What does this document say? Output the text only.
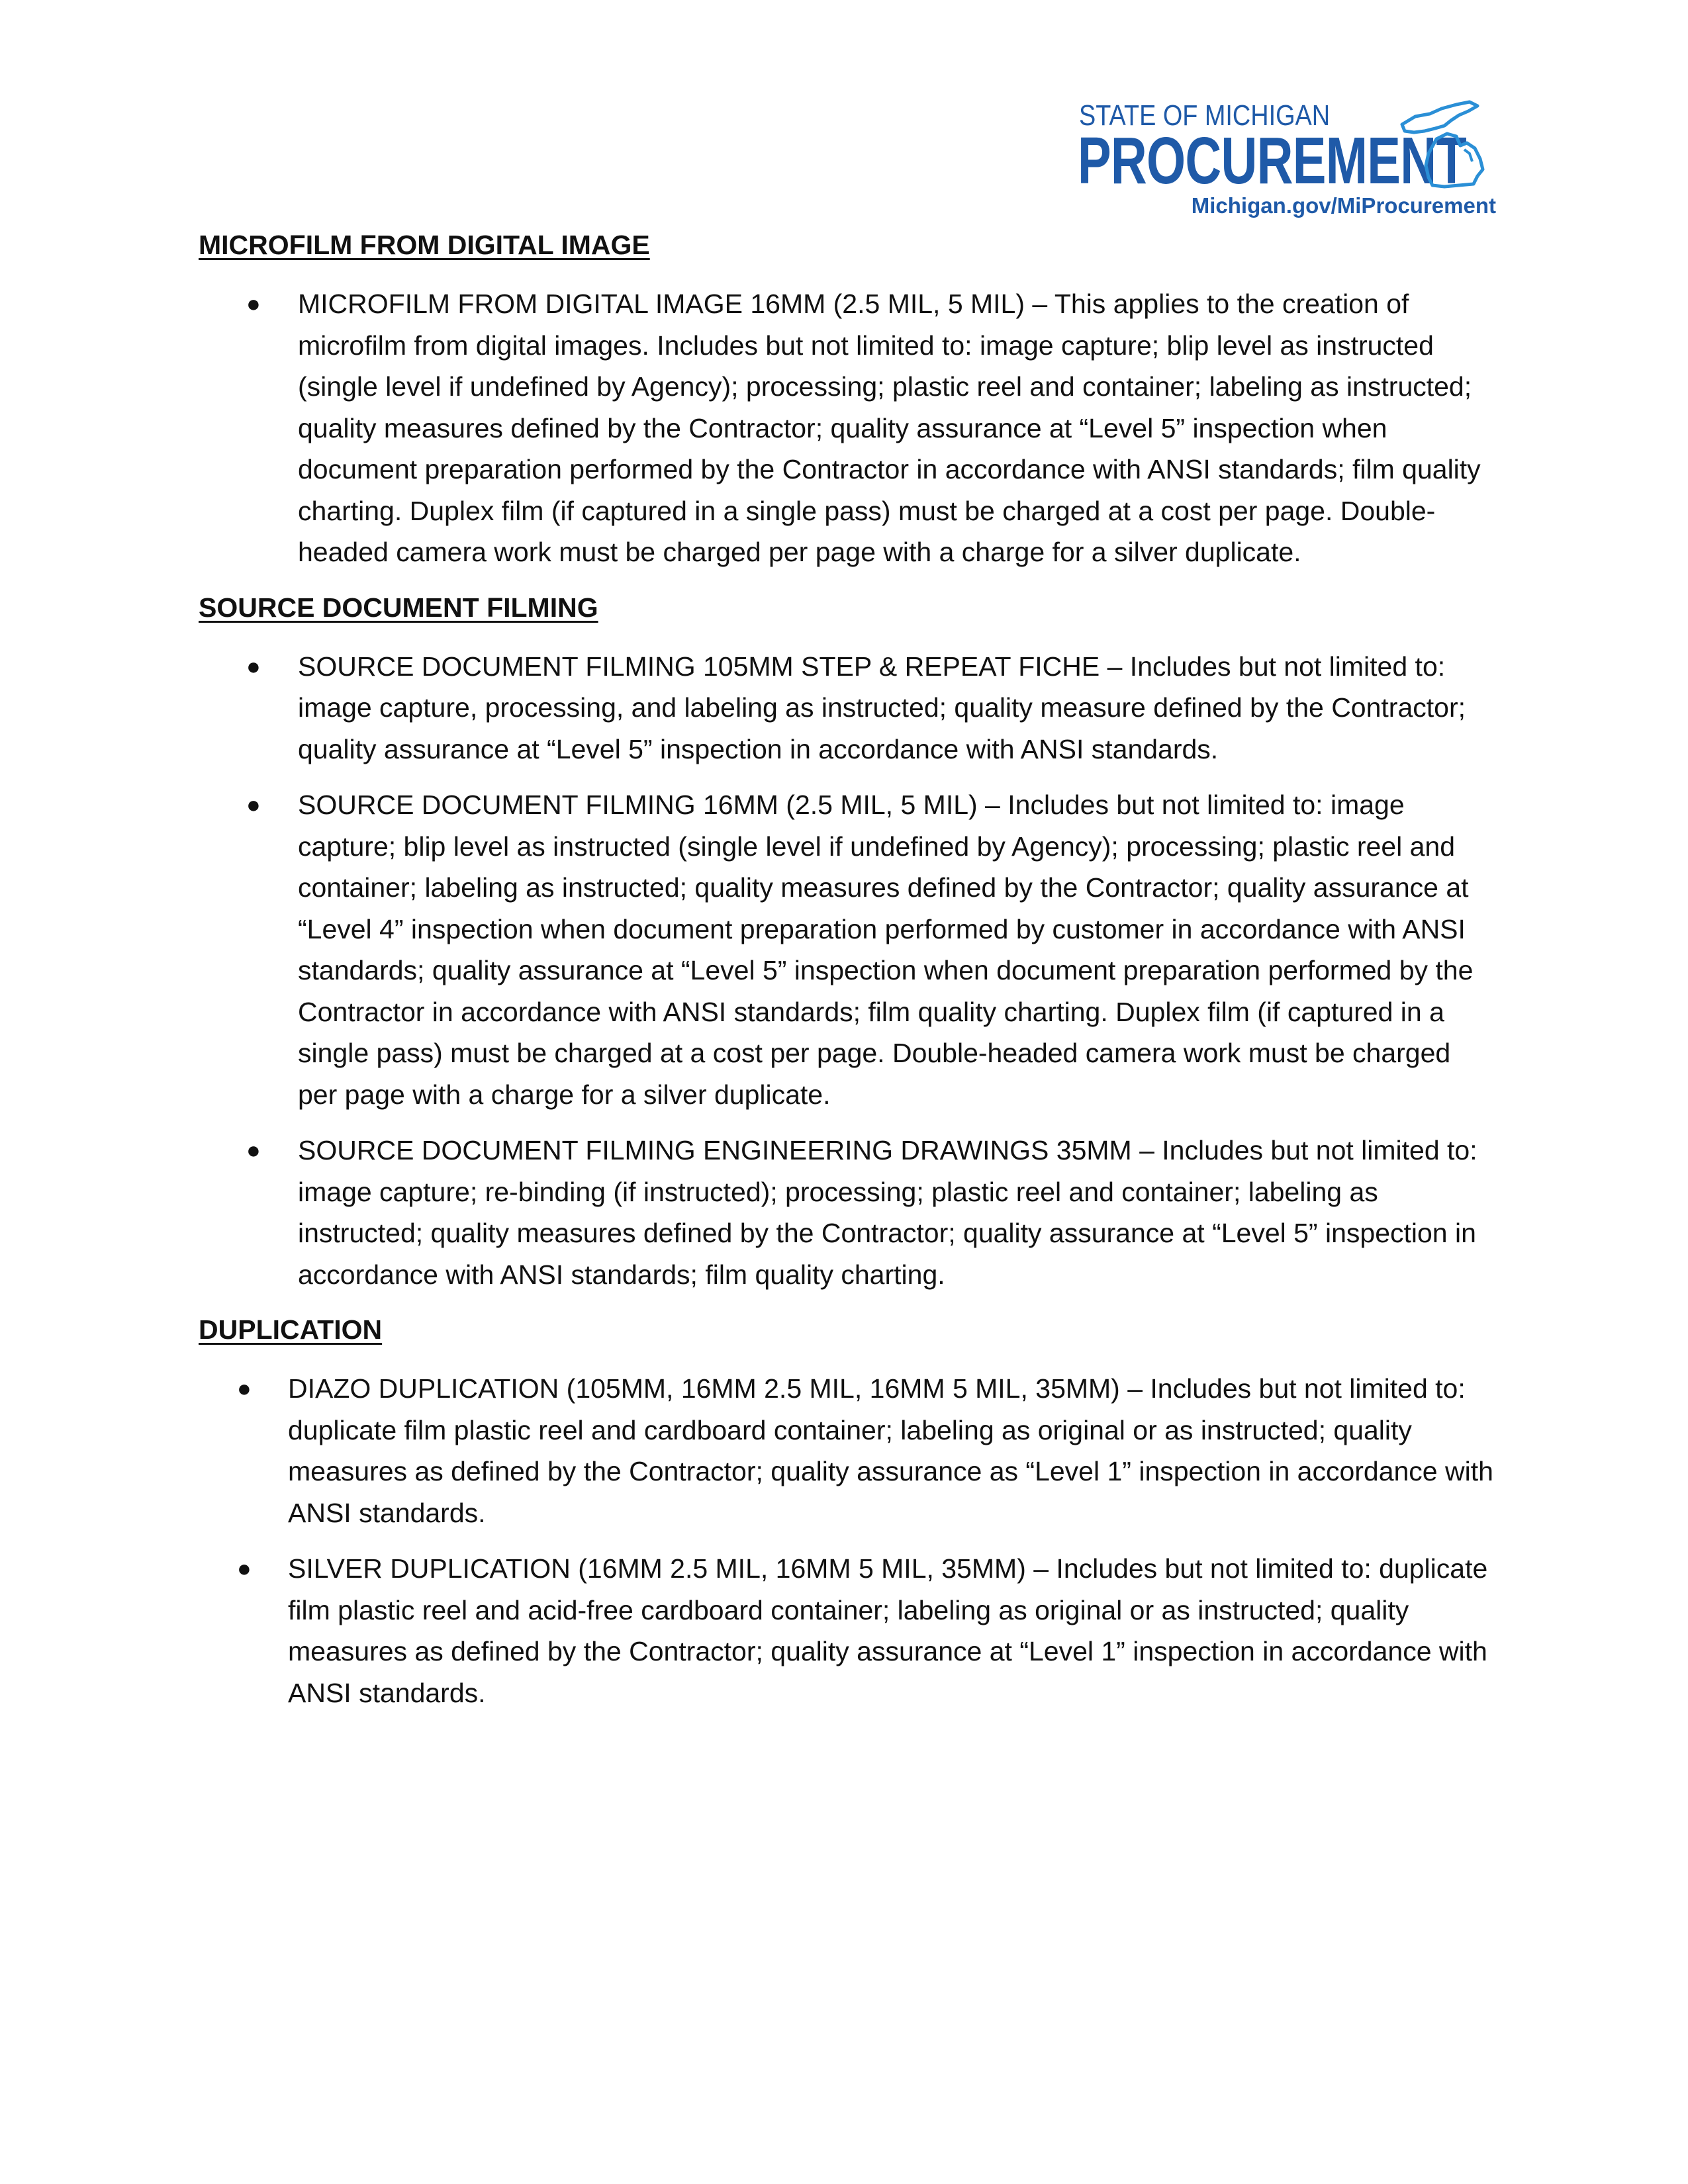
STATE OF MICHIGAN
PROCUREMENT
Michigan.gov/MiProcurement
MICROFILM FROM DIGITAL IMAGE
● MICROFILM FROM DIGITAL IMAGE 16MM (2.5 MIL, 5 MIL) – This applies to the creation of microfilm from digital images. Includes but not limited to: image capture; blip level as instructed (single level if undefined by Agency); processing; plastic reel and container; labeling as instructed; quality measures defined by the Contractor; quality assurance at “Level 5” inspection when document preparation performed by the Contractor in accordance with ANSI standards; film quality charting. Duplex film (if captured in a single pass) must be charged at a cost per page. Double-headed camera work must be charged per page with a charge for a silver duplicate.
SOURCE DOCUMENT FILMING
● SOURCE DOCUMENT FILMING 105MM STEP & REPEAT FICHE – Includes but not limited to: image capture, processing, and labeling as instructed; quality measure defined by the Contractor; quality assurance at “Level 5” inspection in accordance with ANSI standards.
● SOURCE DOCUMENT FILMING 16MM (2.5 MIL, 5 MIL) – Includes but not limited to: image capture; blip level as instructed (single level if undefined by Agency); processing; plastic reel and container; labeling as instructed; quality measures defined by the Contractor; quality assurance at “Level 4” inspection when document preparation performed by customer in accordance with ANSI standards; quality assurance at “Level 5” inspection when document preparation performed by the Contractor in accordance with ANSI standards; film quality charting. Duplex film (if captured in a single pass) must be charged at a cost per page. Double-headed camera work must be charged per page with a charge for a silver duplicate.
● SOURCE DOCUMENT FILMING ENGINEERING DRAWINGS 35MM – Includes but not limited to: image capture; re-binding (if instructed); processing; plastic reel and container; labeling as instructed; quality measures defined by the Contractor; quality assurance at “Level 5” inspection in accordance with ANSI standards; film quality charting.
DUPLICATION
● DIAZO DUPLICATION (105MM, 16MM 2.5 MIL, 16MM 5 MIL, 35MM) – Includes but not limited to: duplicate film plastic reel and cardboard container; labeling as original or as instructed; quality measures as defined by the Contractor; quality assurance as “Level 1” inspection in accordance with ANSI standards.
● SILVER DUPLICATION (16MM 2.5 MIL, 16MM 5 MIL, 35MM) – Includes but not limited to: duplicate film plastic reel and acid-free cardboard container; labeling as original or as instructed; quality measures as defined by the Contractor; quality assurance at “Level 1” inspection in accordance with ANSI standards.
